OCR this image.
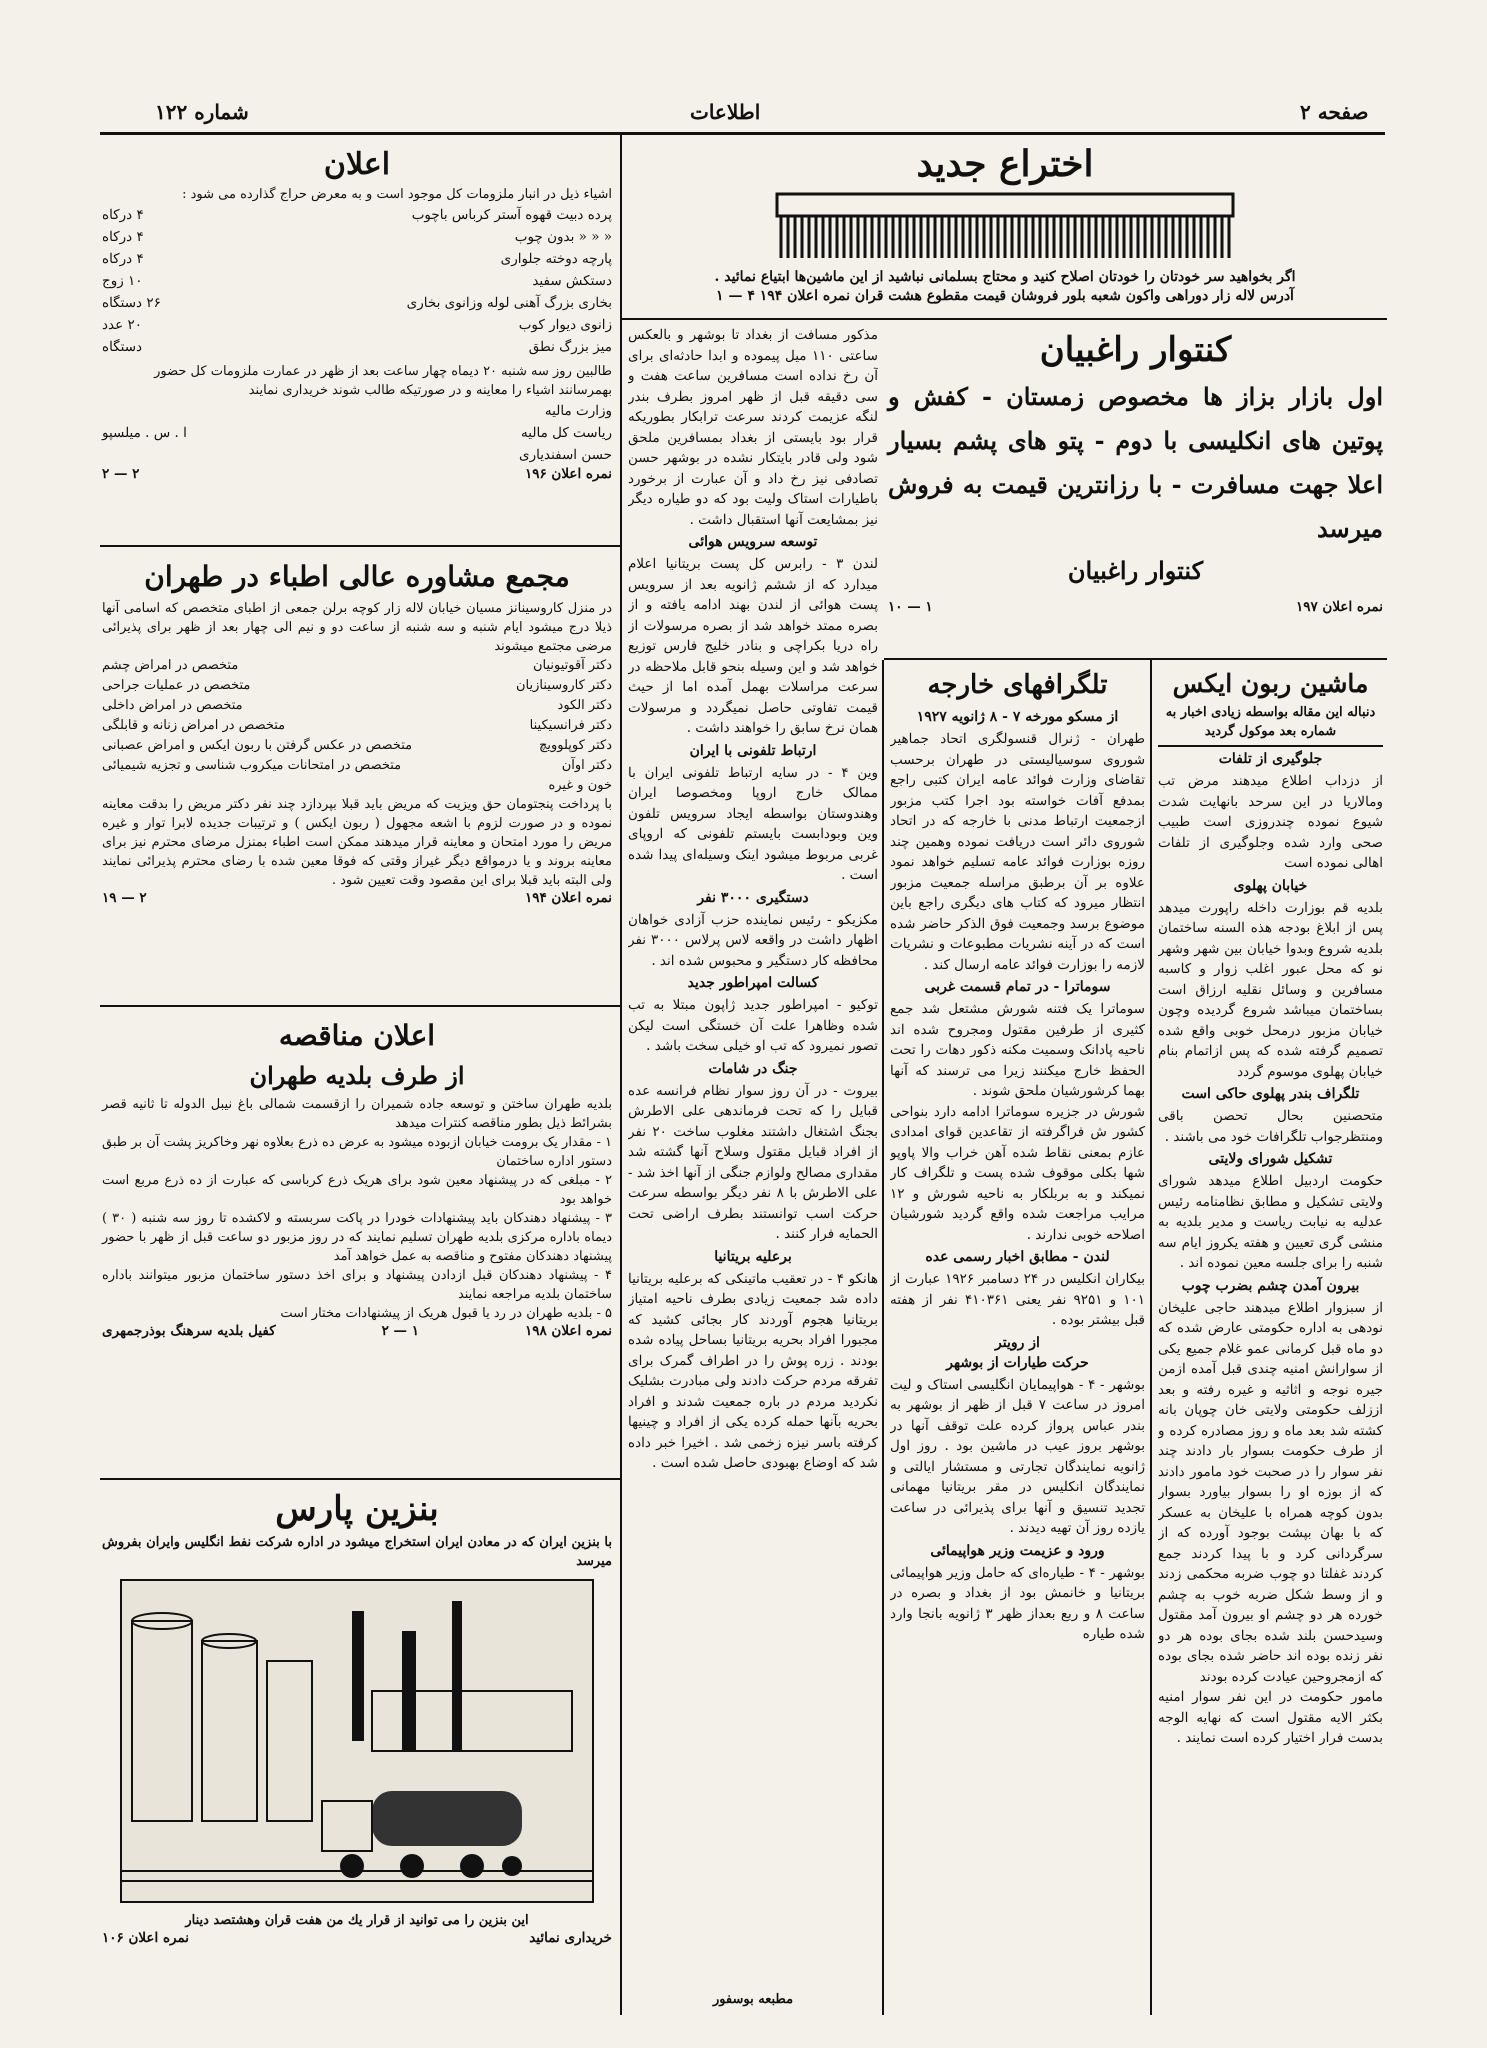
صفحه ۲
اطلاعات
شماره ۱۲۲
اختراع جدید
اگر بخواهید سر خودتان را خودتان اصلاح کنید و محتاج بسلمانی نباشید از این ماشین‌ها ابتیاع نمائید .
آدرس لاله زار دوراهی واکون شعبه بلور فروشان قیمت مقطوع هشت قران نمره اعلان ۱۹۴ ۴ — ۱
اعلان
اشیاء ذیل در انبار ملزومات کل موجود است و به معرض حراج گذارده می شود :
پرده دبیت قهوه آستر کرباس باچوب
۴ دركاه
« « « بدون چوب
۴ درکاه
پارچه دوخته جلواری
۴ درکاه
دستکش سفید
۱۰ زوج
بخاری بزرگ آهنی لوله وزانوی بخاری
۲۶ دستگاه
زانوی دیوار کوب
۲۰ عدد
میز بزرگ نطق
دستگاه
طالبین روز سه شنبه ۲۰ دیماه چهار ساعت بعد از ظهر در عمارت ملزومات کل حضور بهمرسانند اشیاء را معاینه و در صورتیکه طالب شوند خریداری نمایند
وزارت مالیه
ریاست کل مالیه
ا . س . میلسپو
حسن اسفندیاری
نمره اعلان ۱۹۶
۲ — ۲
کنتوار راغبیان
اول بازار بزاز ها مخصوص زمستان - کفش و پوتین های انکلیسی با دوم - پتو های پشم بسیار اعلا جهت مسافرت - با رزانترین قیمت به فروش میرسد
کنتوار راغبیان
نمره اعلان ۱۹۷
۱ — ۱۰
مجمع مشاوره عالی اطباء در طهران
در منزل کاروسینانز مسیان خیابان لاله زار کوچه برلن جمعی از اطبای متخصص که اسامی آنها ذیلا درج میشود ایام شنبه و سه شنبه از ساعت دو و نیم الی چهار بعد از ظهر برای پذیرائی مرضی مجتمع میشوند
دکتر آقوتیونیان
متخصص در امراض چشم
دکتر کاروسینازیان
متخصص در عملیات جراحی
دکتر الکود
متخصص در امراض داخلی
دکتر فرانسیکینا
متخصص در امراض زنانه و قابلگی
دکتر کوپلوویچ
متخصص در عکس گرفتن با ربون ایکس و امراض عصبانی
دکتر اوآن
متخصص در امتحانات میکروب شناسی و تجزیه شیمیائی
خون و غیره
با پرداخت پنجتومان حق ویزیت که مریض باید قبلا بپردازد چند نفر دکتر مریض را بدقت معاینه نموده و در صورت لزوم با اشعه مجهول ( ربون ایکس ) و ترتیبات جدیده لابرا توار و غیره مریض را مورد امتحان و معاینه قرار میدهند ممکن است اطباء بمنزل مرضای محترم نیز برای معاینه بروند و یا درمواقع دیگر غیراز وقتی که فوقا معین شده با رضای محترم پذیرائی نمایند ولی البته باید قبلا برای این مقصود وقت تعیین شود .
نمره اعلان ۱۹۴
۲ — ۱۹
اعلان مناقصه
از طرف بلدیه طهران
بلدیه طهران ساختن و توسعه جاده شمیران را ازقسمت شمالی باغ نیبل الدوله تا ثانیه قصر بشرائط ذیل بطور مناقصه کنترات میدهد
۱ - مقدار یک برومت خیابان ازبوده میشود به عرض ده ذرع بعلاوه نهر وخاکریز پشت آن بر طبق دستور اداره ساختمان
۲ - مبلغی که در پیشنهاد معین شود برای هریک ذرع کرباسی که عبارت از ده ذرع مربع است خواهد بود
۳ - پیشنهاد دهندکان باید پیشنهادات خودرا در پاکت سربسته و لاکشده تا روز سه شنبه ( ۳۰ ) دیماه باداره مرکزی بلدیه طهران تسلیم نمایند که در روز مزبور دو ساعت قبل از ظهر با حضور پیشنهاد دهندکان مفتوح و مناقصه به عمل خواهد آمد
۴ - پیشنهاد دهندکان قبل ازدادن پیشنهاد و برای اخذ دستور ساختمان مزبور میتوانند باداره ساختمان بلدیه مراجعه نمایند
۵ - بلدیه طهران در رد یا قبول هریک از پیشنهادات مختار است
نمره اعلان ۱۹۸
۱ — ۲
کفیل بلدیه سرهنگ بوذرجمهری
بنزین پارس
با بنزین ایران که در معادن ایران استخراج میشود در اداره شرکت نفط انگلیس وایران بفروش میرسد
این بنزین را می توانید از قرار یك من هفت قران وهشتصد دینار
خریداری نمائید
نمره اعلان ۱۰۶
مذکور مسافت از بغداد تا بوشهر و بالعکس ساعتی ۱۱۰ میل پیموده و ابدا حادثه‌ای برای آن رخ نداده است مسافرین ساعت هفت و سی دقیقه قبل از ظهر امروز بطرف بندر لنگه عزیمت کردند سرعت ترابکار بطوریکه قرار بود بایستی از بغداد بمسافرین ملحق شود ولی قادر بایتکار نشده در بوشهر حسن تصادفی نیز رخ داد و آن عبارت از برخورد باطیارات استاک ولیت بود که دو طیاره دیگر نیز بمشایعت آنها استقبال داشت .
توسعه سرویس هوائی
لندن ۳ - رابرس کل پست بریتانیا اعلام میدارد که از ششم ژانویه بعد از سرویس پست هوائی از لندن بهند ادامه یافته و از بصره ممتد خواهد شد از بصره مرسولات از راه دریا بکراچی و بنادر خلیج فارس توزیع خواهد شد و این وسیله بنحو قابل ملاحظه در سرعت مراسلات بهمل آمده اما از حیث قیمت تفاوتی حاصل نمیگردد و مرسولات همان نرخ سابق را خواهند داشت .
ارتباط تلفونی با ایران
وین ۴ - در سایه ارتباط تلفونی ایران با ممالک خارج اروپا ومخصوصا ایران وهندوستان بواسطه ایجاد سرویس تلفون وین وبودابست بایستم تلفونی که اروپای غربی مربوط میشود اینک وسیله‌ای پیدا شده است .
دستگیری ۳۰۰۰ نفر
مکزیکو - رئیس نماینده حزب آزادی خواهان اظهار داشت در واقعه لاس پرلاس ۳۰۰۰ نفر محافظه کار دستگیر و محبوس شده اند .
کسالت امپراطور جدید
توکیو - امپراطور جدید ژاپون مبتلا به تب شده وظاهرا علت آن خستگی است لیکن تصور نمیرود که تب او خیلی سخت باشد .
جنگ در شامات
بیروت - در آن روز سوار نظام فرانسه عده قبایل را که تحت فرماندهی علی الاطرش بجنگ اشتغال داشتند مغلوب ساخت ۲۰ نفر از افراد قبایل مقتول وسلاح آنها گشته شد مقداری مصالح ولوازم جنگی از آنها اخذ شد - علی الاطرش با ۸ نفر دیگر بواسطه سرعت حرکت اسب توانستند بطرف اراضی تحت الحمایه فرار کنند .
برعلیه بریتانیا
هانکو ۴ - در تعقیب ماتینکی که برعلیه بریتانیا داده شد جمعیت زیادی بطرف ناحیه امتیاز بریتانیا هجوم آوردند کار بجائی کشید که مجبورا افراد بحریه بریتانیا بساحل پیاده شده بودند . زره پوش را در اطراف گمرک برای تفرقه مردم حرکت دادند ولی مبادرت بشلیک نکردید مردم در باره جمعیت شدند و افراد بحریه بآنها حمله کرده یکی از افراد و چینیها کرفته باسر نیزه زخمی شد . اخیرا خبر داده شد که اوضاع بهبودی حاصل شده است .
مطبعه بوسفور
تلگرافهای خارجه
از مسکو مورخه ۷ - ۸ ژانویه ۱۹۲۷
طهران - ژنرال قنسولگری اتحاد جماهیر شوروی سوسیالیستی در طهران برحسب تقاضای وزارت فوائد عامه ایران کتبی راجع بمدفع آفات خواسته بود اجرا کتب مزبور ازجمعیت ارتباط مدنی با خارجه که در اتحاد شوروی دائر است دریافت نموده وهمین چند روزه بوزارت فوائد عامه تسلیم خواهد نمود علاوه بر آن برطبق مراسله جمعیت مزبور انتظار میرود که کتاب های دیگری راجع باین موضوع برسد وجمعیت فوق الذکر حاضر شده است که در آینه نشریات مطبوعات و نشریات لازمه را بوزارت فوائد عامه ارسال کند .
سوماترا - در تمام قسمت غربی
سوماترا یک فتنه شورش مشتعل شد جمع کثیری از طرفین مقتول ومجروح شده اند ناحیه پادانک وسمیت مکنه ذکور دهات را تحت الحفظ خارج میکنند زیرا می ترسند که آنها بهما کرشورشیان ملحق شوند .
شورش در جزیره سوماترا ادامه دارد بنواحی کشور ش فراگرفته از تقاعدین قوای امدادی عازم بمعنی نقاط شده آهن خراب والا پاوپو شها بکلی موقوف شده پست و تلگراف کار نمیکند و به بربلکار به ناحیه شورش و ۱۲ مرایب مراجعت شده واقع گردید شورشیان اصلاحه خوبی ندارند .
لندن - مطابق اخبار رسمی عده
بیکاران انکلیس در ۲۴ دسامبر ۱۹۲۶ عبارت از ۱۰۱ و ۹۲۵۱ نفر یعنی ۴۱۰۳۶۱ نفر از هفته قبل بیشتر بوده .
از رویتر
حرکت طیارات از بوشهر
بوشهر - ۴ - هواپیمایان انگلیسی استاک و لیت امروز در ساعت ۷ قبل از ظهر از بوشهر به بندر عباس پرواز کرده علت توقف آنها در بوشهر بروز عیب در ماشین بود . روز اول ژانویه نمایندگان تجارتی و مستشار ایالتی و نمایندگان انکلیس در مقر بریتانیا مهمانی تجدید تنسیق و آنها برای پذیرائی در ساعت یازده روز آن تهیه دیدند .
ورود و عزیمت وزیر هواپیمائی
بوشهر - ۴ - طیاره‌ای که حامل وزیر هواپیمائی بریتانیا و خانمش بود از بغداد و بصره در ساعت ۸ و ربع بعداز ظهر ۳ ژانویه بانجا وارد شده طیاره
ماشین ربون ایکس
دنباله این مقاله بواسطه زیادی اخبار به شماره بعد موکول گردید
جلوگیری از تلفات
از دزداب اطلاع میدهند مرض تب ومالاریا در این سرحد بانهایت شدت شیوع نموده چندروزی است طبیب صحی وارد شده وجلوگیری از تلفات اهالی نموده است
خیابان پهلوی
بلدیه قم بوزارت داخله راپورت میدهد پس از ابلاغ بودجه هذه السنه ساختمان بلدیه شروع وبدوا خیابان بین شهر وشهر نو که محل عبور اغلب زوار و کاسبه مسافرین و وسائل نقلیه ارزاق است بساختمان میباشد شروع گردیده وچون خیابان مزبور درمحل خوبی واقع شده تصمیم گرفته شده که پس ازاتمام بنام خیابان پهلوی موسوم گردد
تلگراف بندر پهلوی حاکی است
متحصنین بحال تحصن باقی ومنتظرجواب تلگرافات خود می باشند .
تشکیل شورای ولایتی
حکومت اردبیل اطلاع میدهد شورای ولایتی تشکیل و مطابق نظامنامه رئیس عدلیه به نیابت ریاست و مدیر بلدیه به منشی گری تعیین و هفته یکروز ایام سه شنبه را برای جلسه معین نموده اند .
بیرون آمدن چشم بضرب چوب
از سبزوار اطلاع میدهند حاجی علیخان نودهی به اداره حکومتی عارض شده که دو ماه قبل کرمانی عمو غلام جمیع یکی از سوارانش امنیه چندی قبل آمده ازمن جیره نوجه و اثاثیه و غیره رفته و بعد اززلف حکومتی ولایتی خان چوپان بانه کشته شد بعد ماه و روز مصادره کرده و از طرف حکومت بسوار بار دادند چند نفر سوار را در صحبت خود مامور دادند که از بوزه او را بسوار بیاورد بسوار بدون کوچه همراه با علیخان به عسکر که با بهان بپشت بوجود آورده که از سرگردانی کرد و با پیدا کردند جمع کردند غفلتا دو چوب ضربه محکمی زدند و از وسط شکل ضربه خوب به چشم خورده هر دو چشم او بیرون آمد مقتول وسیدحسن بلند شده بجای بوده هر دو نفر زنده بوده اند حاضر شده بجای بوده که ازمجروحین عیادت کرده بودند
مامور حکومت در این نفر سوار امنیه بکثر الایه مقتول است که نهایه الوجه بدست فرار اختیار کرده است نمایند .
